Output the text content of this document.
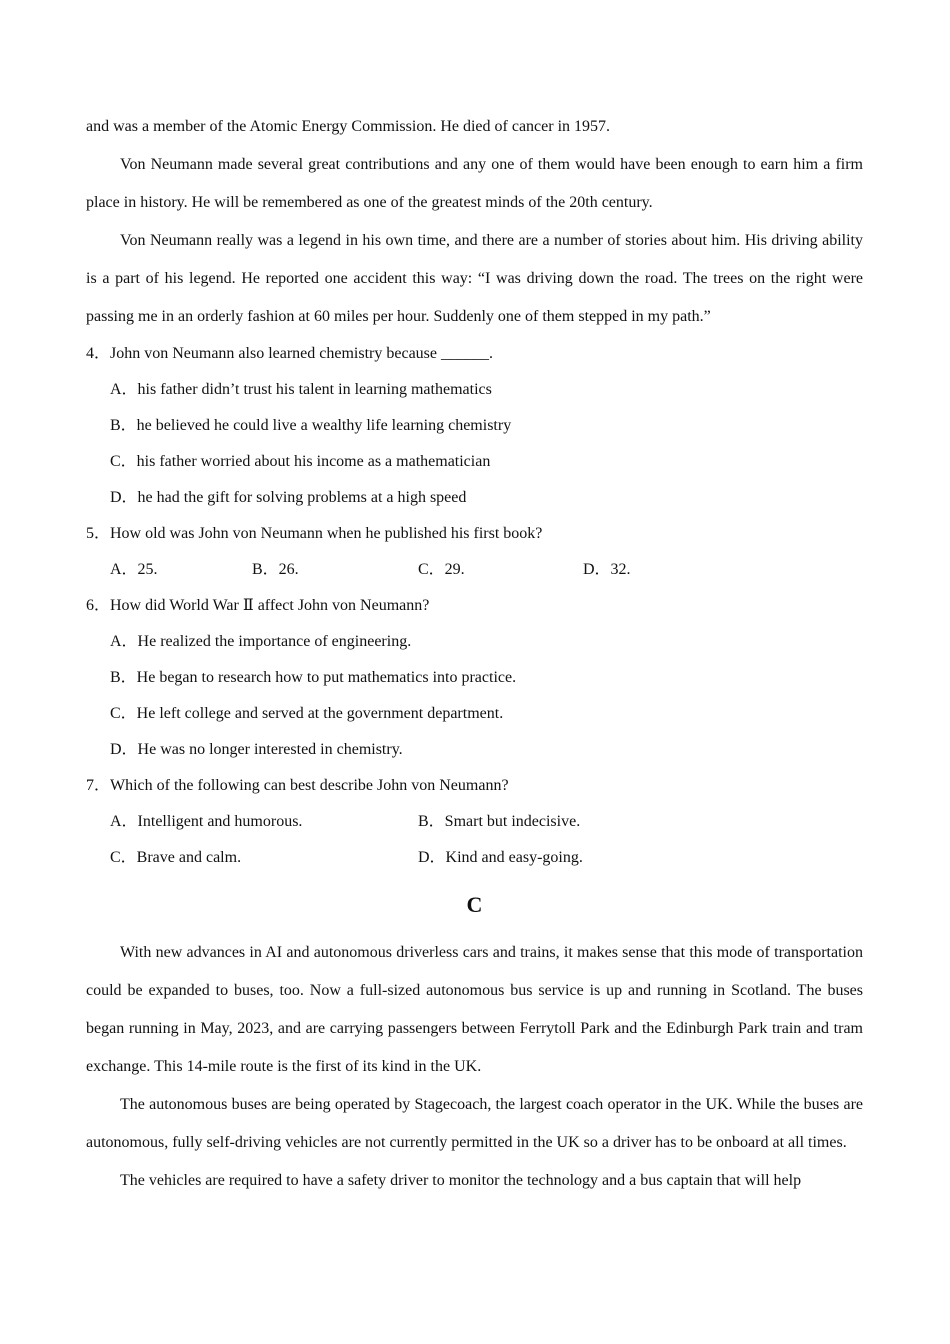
and was a member of the Atomic Energy Commission. He died of cancer in 1957.

Von Neumann made several great contributions and any one of them would have been enough to earn him a firm place in history. He will be remembered as one of the greatest minds of the 20th century.

Von Neumann really was a legend in his own time, and there are a number of stories about him. His driving ability is a part of his legend. He reported one accident this way: “I was driving down the road. The trees on the right were passing me in an orderly fashion at 60 miles per hour. Suddenly one of them stepped in my path.”

4．John von Neumann also learned chemistry because ______.

A．his father didn’t trust his talent in learning mathematics

B．he believed he could live a wealthy life learning chemistry

C．his father worried about his income as a mathematician

D．he had the gift for solving problems at a high speed

5．How old was John von Neumann when he published his first book?

A．25.	B．26.	C．29.	D．32.

6．How did World War Ⅱ affect John von Neumann?

A．He realized the importance of engineering.

B．He began to research how to put mathematics into practice.

C．He left college and served at the government department.

D．He was no longer interested in chemistry.

7．Which of the following can best describe John von Neumann?

A．Intelligent and humorous.	B．Smart but indecisive.
C．Brave and calm.	D．Kind and easy-going.
C

With new advances in AI and autonomous driverless cars and trains, it makes sense that this mode of transportation could be expanded to buses, too. Now a full-sized autonomous bus service is up and running in Scotland. The buses began running in May, 2023, and are carrying passengers between Ferrytoll Park and the Edinburgh Park train and tram exchange. This 14-mile route is the first of its kind in the UK.

The autonomous buses are being operated by Stagecoach, the largest coach operator in the UK. While the buses are autonomous, fully self-driving vehicles are not currently permitted in the UK so a driver has to be onboard at all times.

The vehicles are required to have a safety driver to monitor the technology and a bus captain that will help
